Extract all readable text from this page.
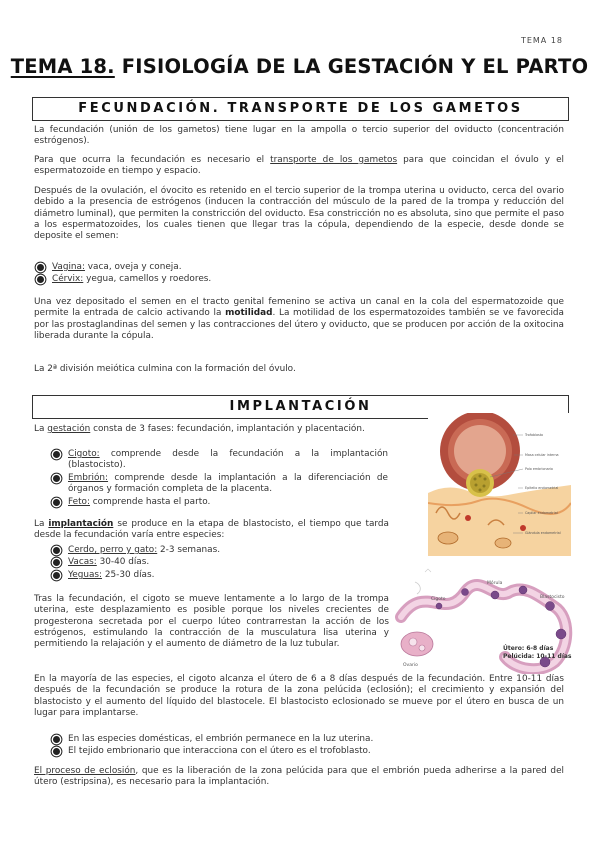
TEMA 18
TEMA 18. FISIOLOGÍA DE LA GESTACIÓN Y EL PARTO
FECUNDACIÓN. TRANSPORTE DE LOS GAMETOS

La fecundación (unión de los gametos) tiene lugar en la ampolla o tercio superior del oviducto (concentración estrógenos).

Para que ocurra la fecundación es necesario el transporte de los gametos para que coincidan el óvulo y el espermatozoide en tiempo y espacio.

Después de la ovulación, el óvocito es retenido en el tercio superior de la trompa uterina u oviducto, cerca del ovario debido a la presencia de estrógenos (inducen la contracción del músculo de la pared de la trompa y reducción del diámetro luminal), que permiten la constricción del oviducto. Esa constricción no es absoluta, sino que permite el paso a los espermatozoides, los cuales tienen que llegar tras la cópula, dependiendo de la especie, desde donde se deposite el semen:

Vagina: vaca, oveja y coneja.
Cérvix: yegua, camellos y roedores.

Una vez depositado el semen en el tracto genital femenino se activa un canal en la cola del espermatozoide que permite la entrada de calcio activando la motilidad. La motilidad de los espermatozoides también se ve favorecida por las prostaglandinas del semen y las contracciones del útero y oviducto, que se producen por acción de la oxitocina liberada durante la cópula.

La 2ª división meiótica culmina con la formación del óvulo.

IMPLANTACIÓN

La gestación consta de 3 fases: fecundación, implantación y placentación.

Cigoto: comprende desde la fecundación a la implantación (blastocisto).
Embrión: comprende desde la implantación a la diferenciación de órganos y formación completa de la placenta.
Feto: comprende hasta el parto.

La implantación se produce en la etapa de blastocisto, el tiempo que tarda desde la fecundación varía entre especies:

Cerdo, perro y gato: 2-3 semanas.
Vacas: 30-40 días.
Yeguas: 25-30 días.

Tras la fecundación, el cigoto se mueve lentamente a lo largo de la trompa uterina, este desplazamiento es posible porque los niveles crecientes de progesterona secretada por el cuerpo lúteo contrarrestan la acción de los estrógenos, estimulando la contracción de la musculatura lisa uterina y permitiendo la relajación y el aumento de diámetro de la luz tubular.

En la mayoría de las especies, el cigoto alcanza el útero de 6 a 8 días después de la fecundación. Entre 10-11 días después de la fecundación se produce la rotura de la zona pelúcida (eclosión); el crecimiento y expansión del blastocisto y el aumento del líquido del blastocele. El blastocisto eclosionado se mueve por el útero en busca de un lugar para implantarse.

En las especies domésticas, el embrión permanece en la luz uterina.
El tejido embrionario que interacciona con el útero es el trofoblasto.

El proceso de eclosión, que es la liberación de la zona pelúcida para que el embrión pueda adherirse a la pared del útero (estripsina), es necesario para la implantación.

Trofoblasto
Masa celular interna
Polo embrionario
Epitelio endometrial
Capilar endometrial
Glándula endometrial
Ovario
Cigoto
Mórula
Blastocisto
Útero: 6-8 días
Pelúcida: 10-11 días
